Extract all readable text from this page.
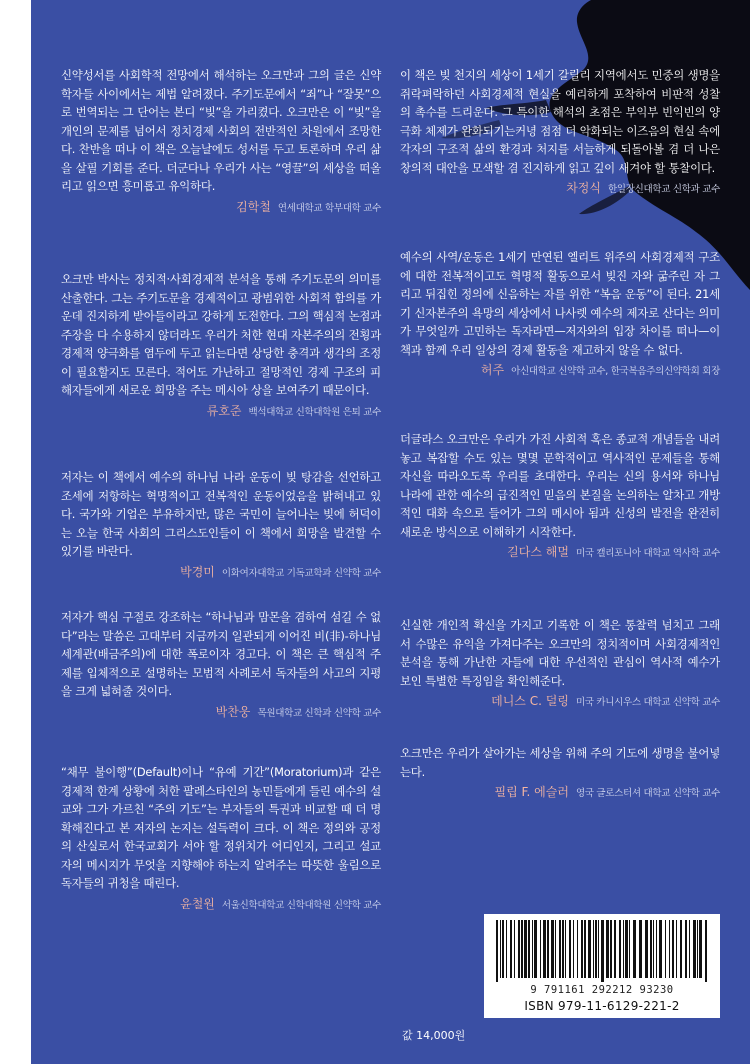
신약성서를 사회학적 전망에서 해석하는 오크만과 그의 글은 신약학자들 사이에서는 제법 알려졌다. 주기도문에서 “죄”나 “잘못”으로 번역되는 그 단어는 본디 “빚”을 가리켰다. 오크만은 이 “빚”을 개인의 문제를 넘어서 정치경제 사회의 전반적인 차원에서 조망한다. 찬반을 떠나 이 책은 오늘날에도 성서를 두고 토론하며 우리 삶을 살필 기회를 준다. 더군다나 우리가 사는 “영끌”의 세상을 떠올리고 읽으면 흥미롭고 유익하다.

김학철 연세대학교 학부대학 교수

오크만 박사는 정치적·사회경제적 분석을 통해 주기도문의 의미를 산출한다. 그는 주기도문을 경제적이고 광범위한 사회적 함의를 가운데 진지하게 받아들이라고 강하게 도전한다. 그의 핵심적 논점과 주장을 다 수용하지 않더라도 우리가 처한 현대 자본주의의 전횡과 경제적 양극화를 염두에 두고 읽는다면 상당한 충격과 생각의 조정이 필요할지도 모른다. 적어도 가난하고 절망적인 경제 구조의 피해자들에게 새로운 희망을 주는 메시아 상을 보여주기 때문이다.

류호준 백석대학교 신학대학원 은퇴 교수

저자는 이 책에서 예수의 하나님 나라 운동이 빚 탕감을 선언하고 조세에 저항하는 혁명적이고 전복적인 운동이었음을 밝혀내고 있다. 국가와 기업은 부유하지만, 많은 국민이 늘어나는 빚에 허덕이는 오늘 한국 사회의 그리스도인들이 이 책에서 희망을 발견할 수 있기를 바란다.

박경미 이화여자대학교 기독교학과 신약학 교수

저자가 핵심 구절로 강조하는 “하나님과 맘몬을 겸하여 섬길 수 없다”라는 말씀은 고대부터 지금까지 일관되게 이어진 비(非)-하나님 세계관(배금주의)에 대한 폭로이자 경고다. 이 책은 큰 핵심적 주제를 입체적으로 설명하는 모범적 사례로서 독자들의 사고의 지평을 크게 넓혀줄 것이다.

박찬웅 목원대학교 신학과 신약학 교수

“채무 불이행”(Default)이나 “유예 기간”(Moratorium)과 같은 경제적 한계 상황에 처한 팔레스타인의 농민들에게 들린 예수의 설교와 그가 가르친 “주의 기도”는 부자들의 특권과 비교할 때 더 명확해진다고 본 저자의 논지는 설득력이 크다. 이 책은 정의와 공정의 산실로서 한국교회가 서야 할 정위치가 어디인지, 그리고 설교자의 메시지가 무엇을 지향해야 하는지 알려주는 따뜻한 울림으로 독자들의 귀청을 때린다.

윤철원 서울신학대학교 신학대학원 신약학 교수

이 책은 빚 천지의 세상이 1세기 갈릴리 지역에서도 민중의 생명을 쥐락펴락하던 사회경제적 현실을 예리하게 포착하여 비판적 성찰의 촉수를 드리운다. 그 특이한 해석의 초점은 부익부 빈익빈의 양극화 체제가 완화되기는커녕 점점 더 악화되는 이즈음의 현실 속에 각자의 구조적 삶의 환경과 처지를 서늘하게 되돌아볼 겸 더 나은 창의적 대안을 모색할 겸 진지하게 읽고 깊이 새겨야 할 통찰이다.

차정식 한일장신대학교 신학과 교수

예수의 사역/운동은 1세기 만연된 엘리트 위주의 사회경제적 구조에 대한 전복적이고도 혁명적 활동으로서 빚진 자와 굶주린 자 그리고 뒤집힌 정의에 신음하는 자를 위한 “복음 운동”이 된다. 21세기 신자본주의 욕망의 세상에서 나사렛 예수의 제자로 산다는 의미가 무엇일까 고민하는 독자라면—저자와의 입장 차이를 떠나—이 책과 함께 우리 일상의 경제 활동을 재고하지 않을 수 없다.

허주 아신대학교 신약학 교수, 한국복음주의신약학회 회장

더글라스 오크만은 우리가 가진 사회적 혹은 종교적 개념들을 내려놓고 복잡할 수도 있는 몇몇 문학적이고 역사적인 문제들을 통해 자신을 따라오도록 우리를 초대한다. 우리는 신의 용서와 하나님 나라에 관한 예수의 급진적인 믿음의 본질을 논의하는 알차고 개방적인 대화 속으로 들어가 그의 메시아 됨과 신성의 발전을 완전히 새로운 방식으로 이해하기 시작한다.

길다스 해멀 미국 캘리포니아 대학교 역사학 교수

신실한 개인적 확신을 가지고 기록한 이 책은 통찰력 넘치고 그래서 수많은 유익을 가져다주는 오크만의 정치적이며 사회경제적인 분석을 통해 가난한 자들에 대한 우선적인 관심이 역사적 예수가 보인 특별한 특징임을 확인해준다.

데니스 C. 덜링 미국 카니시우스 대학교 신약학 교수

오크만은 우리가 살아가는 세상을 위해 주의 기도에 생명을 불어넣는다.

필립 F. 에슬러 영국 글로스터셔 대학교 신약학 교수

9 791161 292212 93230
ISBN 979-11-6129-221-2
값 14,000원
